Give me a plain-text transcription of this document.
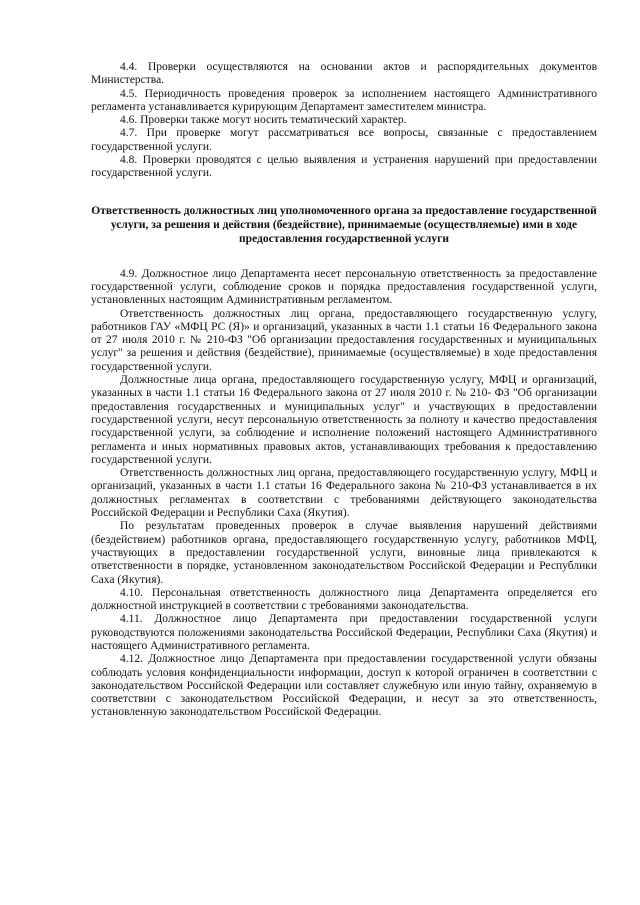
4.4. Проверки осуществляются на основании актов и распорядительных документов Министерства.

4.5. Периодичность проведения проверок за исполнением настоящего Административного регламента устанавливается курирующим Департамент заместителем министра.

4.6. Проверки также могут носить тематический характер.

4.7. При проверке могут рассматриваться все вопросы, связанные с предоставлением государственной услуги.

4.8. Проверки проводятся с целью выявления и устранения нарушений при предоставлении государственной услуги.

Ответственность должностных лиц уполномоченного органа за предоставление государственной услуги, за решения и действия (бездействие), принимаемые (осуществляемые) ими в ходе предоставления государственной услуги

4.9. Должностное лицо Департамента несет персональную ответственность за предоставление государственной услуги, соблюдение сроков и порядка предоставления государственной услуги, установленных настоящим Административным регламентом.

Ответственность должностных лиц органа, предоставляющего государственную услугу, работников ГАУ «МФЦ РС (Я)» и организаций, указанных в части 1.1 статьи 16 Федерального закона от 27 июля 2010 г. № 210-ФЗ "Об организации предоставления государственных и муниципальных услуг" за решения и действия (бездействие), принимаемые (осуществляемые) в ходе предоставления государственной услуги.

Должностные лица органа, предоставляющего государственную услугу, МФЦ и организаций, указанных в части 1.1 статьи 16 Федерального закона от 27 июля 2010 г. № 210- ФЗ "Об организации предоставления государственных и муниципальных услуг" и участвующих в предоставлении государственной услуги, несут персональную ответственность за полноту и качество предоставления государственной услуги, за соблюдение и исполнение положений настоящего Административного регламента и иных нормативных правовых актов, устанавливающих требования к предоставлению государственной услуги.

Ответственность должностных лиц органа, предоставляющего государственную услугу, МФЦ и организаций, указанных в части 1.1 статьи 16 Федерального закона № 210-ФЗ устанавливается в их должностных регламентах в соответствии с требованиями действующего законодательства Российской Федерации и Республики Саха (Якутия).

По результатам проведенных проверок в случае выявления нарушений действиями (бездействием) работников органа, предоставляющего государственную услугу, работников МФЦ, участвующих в предоставлении государственной услуги, виновные лица привлекаются к ответственности в порядке, установленном законодательством Российской Федерации и Республики Саха (Якутия).

4.10. Персональная ответственность должностного лица Департамента определяется его должностной инструкцией в соответствии с требованиями законодательства.

4.11. Должностное лицо Департамента при предоставлении государственной услуги руководствуются положениями законодательства Российской Федерации, Республики Саха (Якутия) и настоящего Административного регламента.

4.12. Должностное лицо Департамента при предоставлении государственной услуги обязаны соблюдать условия конфиденциальности информации, доступ к которой ограничен в соответствии с законодательством Российской Федерации или составляет служебную или иную тайну, охраняемую в соответствии с законодательством Российской Федерации, и несут за это ответственность, установленную законодательством Российской Федерации.
